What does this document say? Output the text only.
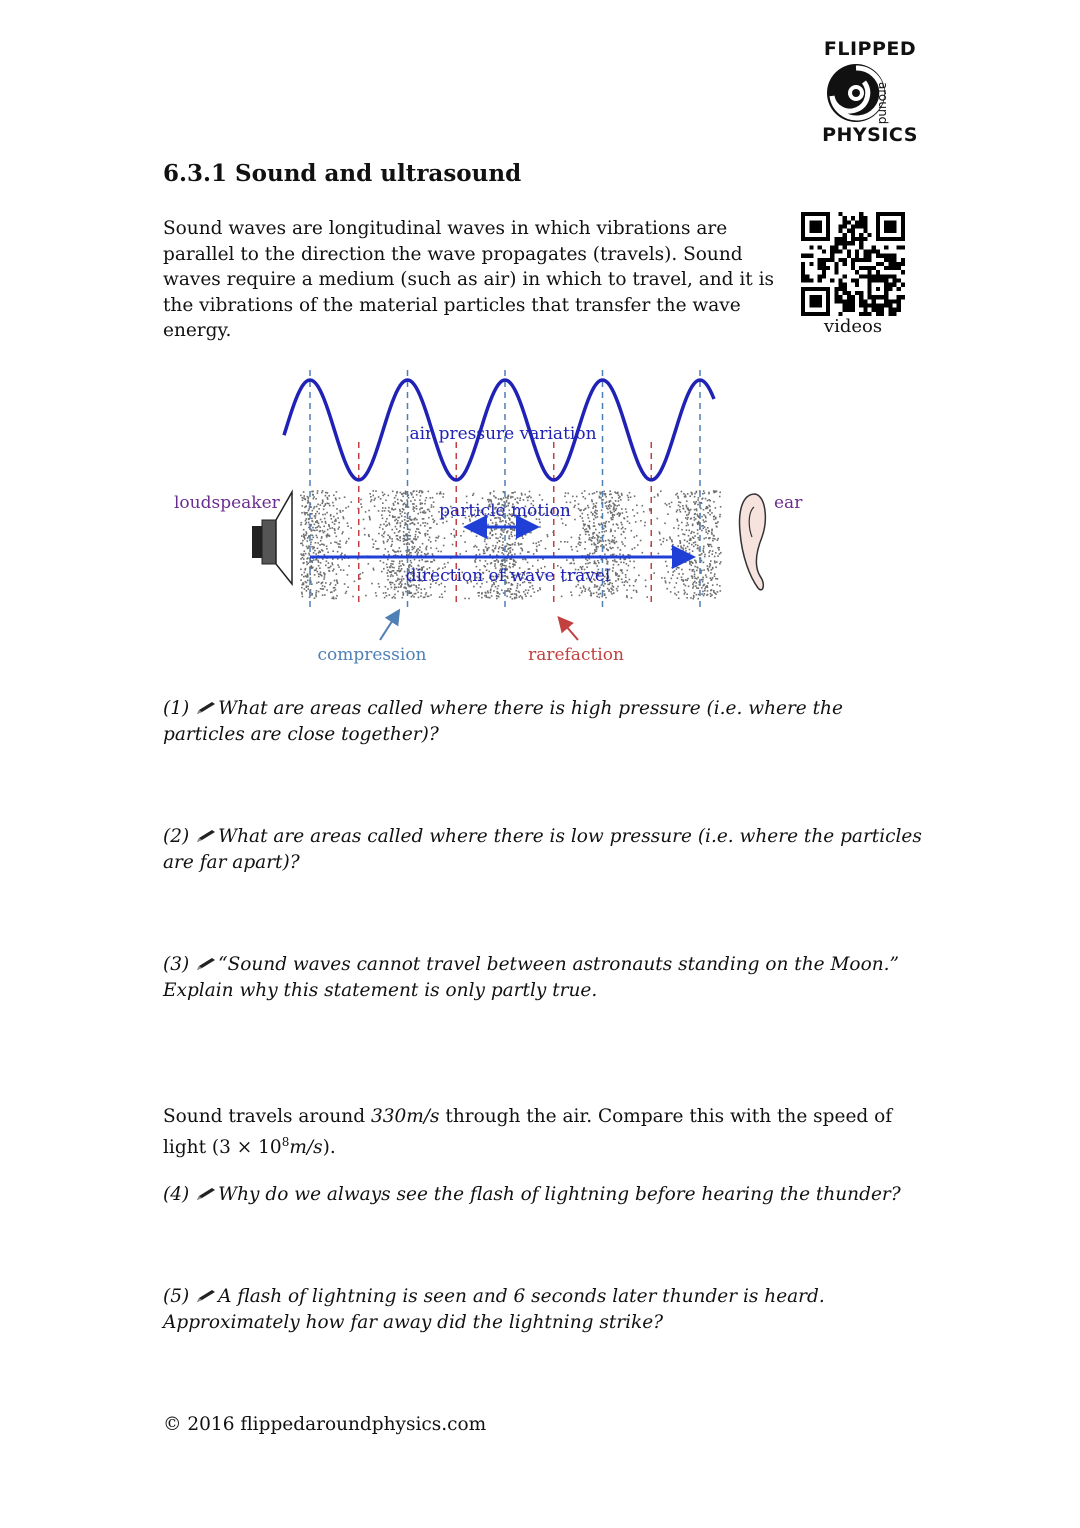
FLIPPED
around
PHYSICS
6.3.1 Sound and ultrasound
Sound waves are longitudinal waves in which vibrations are parallel to the direction the wave propagates (travels). Sound waves require a medium (such as air) in which to travel, and it is the vibrations of the material particles that transfer the wave energy.	videos
air pressure variation
loudspeaker	ear
particle motion
direction of wave travel
compression	rarefaction
(1) What are areas called where there is high pressure (i.e. where the particles are close together)?
(2) What are areas called where there is low pressure (i.e. where the particles are far apart)?
(3) “Sound waves cannot travel between astronauts standing on the Moon.” Explain why this statement is only partly true.
Sound travels around 330m/s through the air. Compare this with the speed of light $(3 \times 10^8m/s)$.
(4) Why do we always see the flash of lightning before hearing the thunder?
(5) A flash of lightning is seen and 6 seconds later thunder is heard. Approximately how far away did the lightning strike?
© 2016 flippedaroundphysics.com
